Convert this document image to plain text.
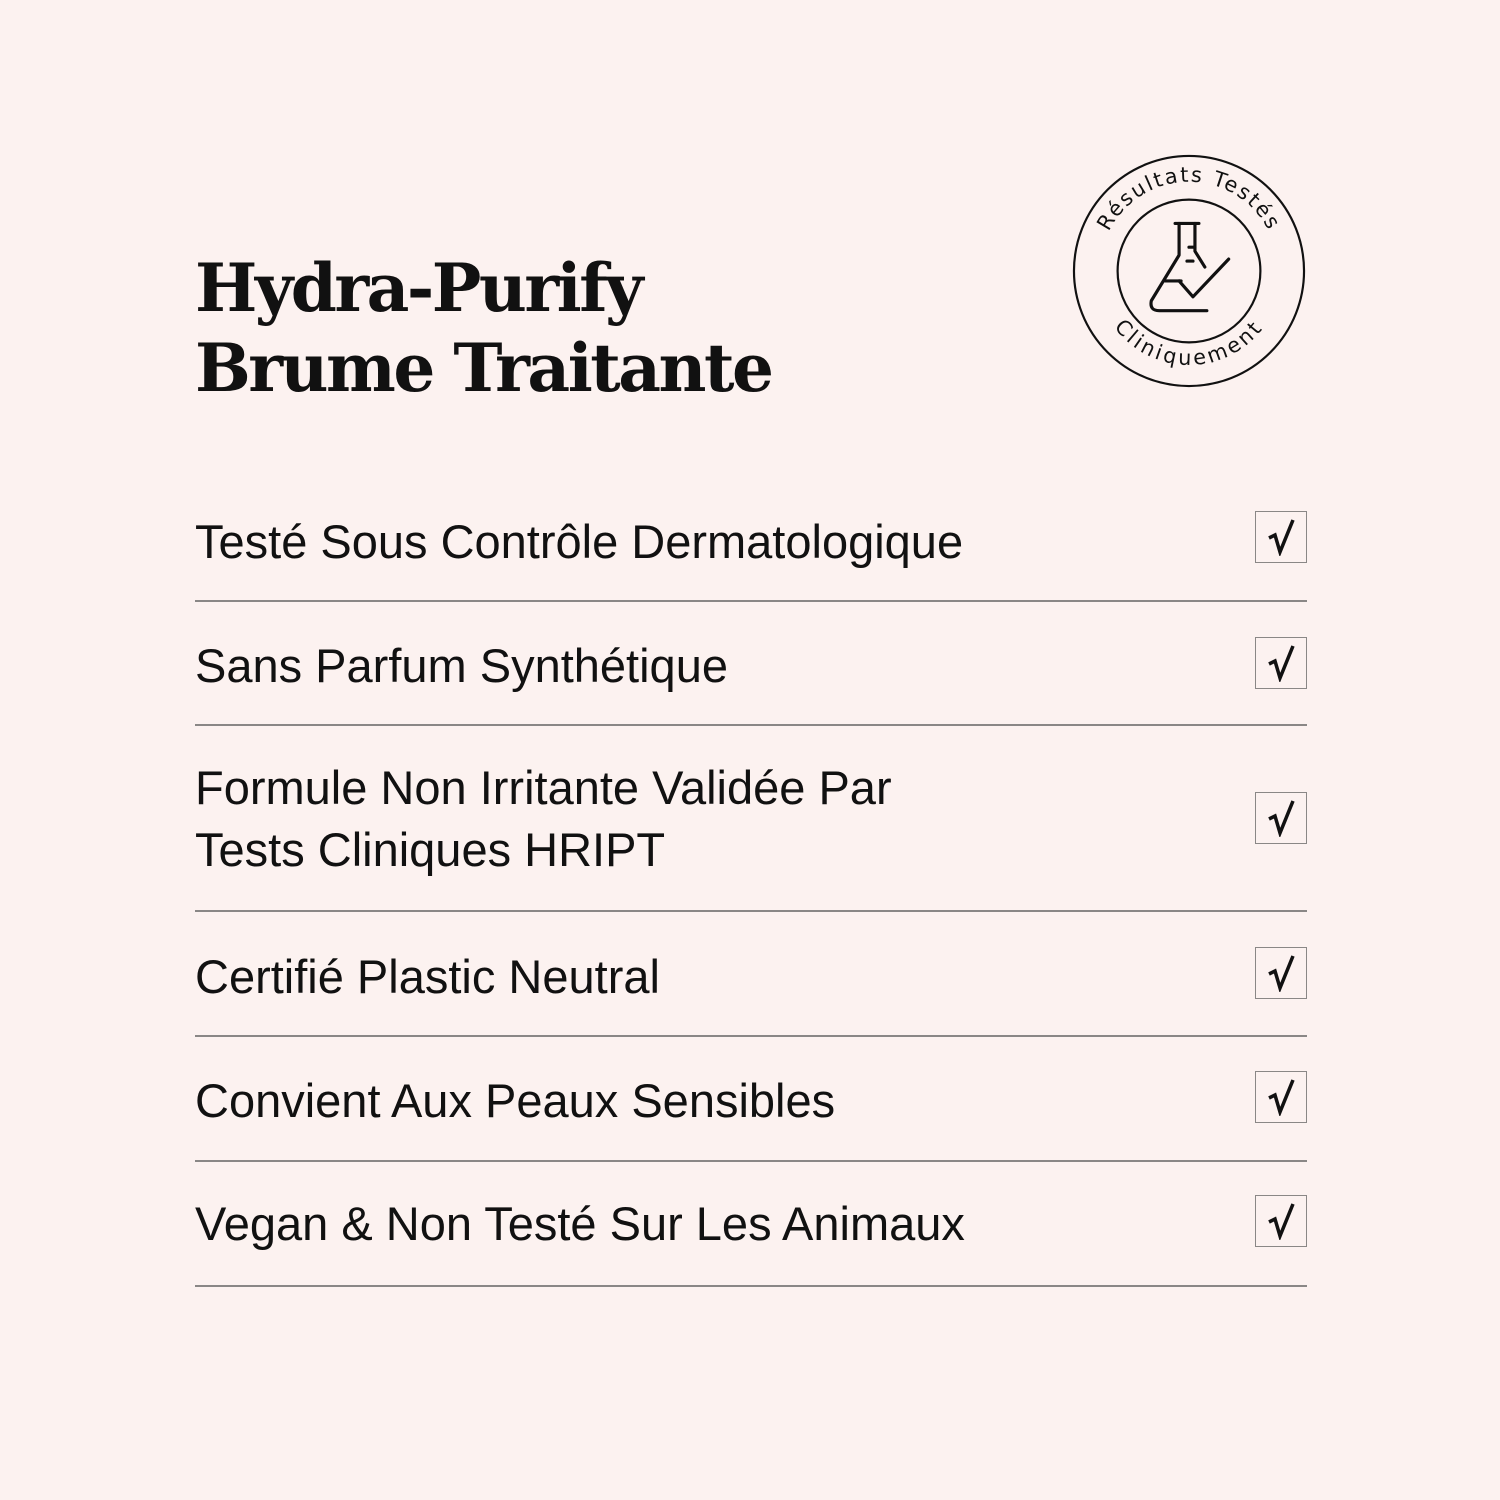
Hydra-Purify
Brume Traitante
Résultats Testés
Cliniquement
Testé Sous Contrôle Dermatologique
Sans Parfum Synthétique
Formule Non Irritante Validée Par
Tests Cliniques HRIPT
Certifié Plastic Neutral
Convient Aux Peaux Sensibles
Vegan & Non Testé Sur Les Animaux
